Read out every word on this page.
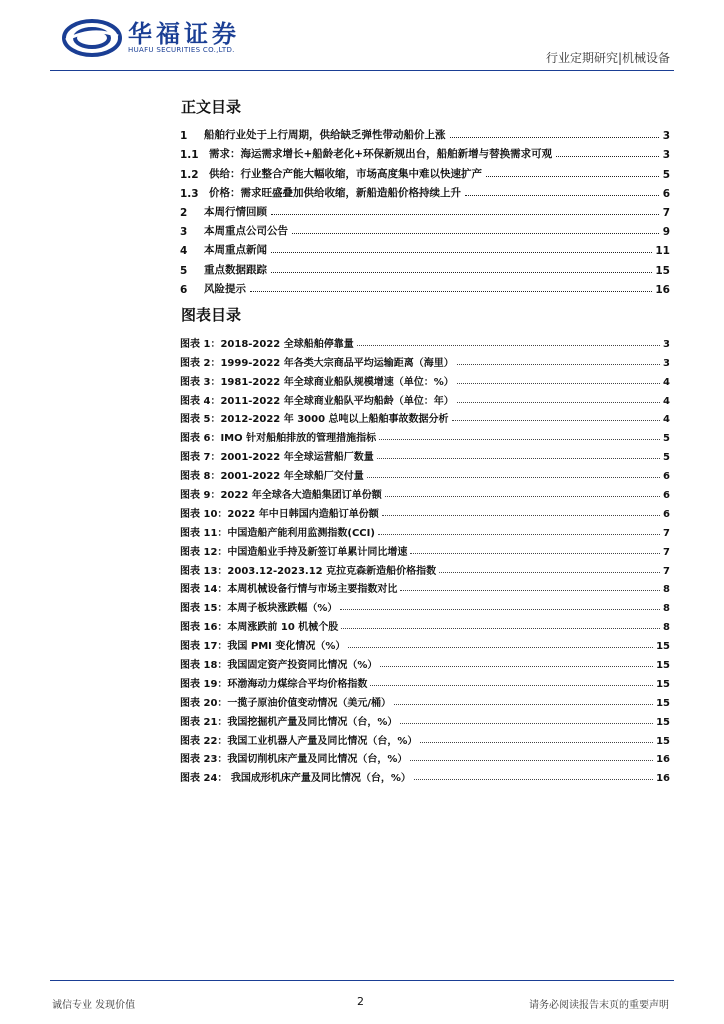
华福证券
HUAFU SECURITIES CO.,LTD.
行业定期研究|机械设备
正文目录
1	船舶行业处于上行周期，供给缺乏弹性带动船价上涨	3
1.1 需求：海运需求增长+船龄老化+环保新规出台，船舶新增与替换需求可观	3
1.2 供给：行业整合产能大幅收缩，市场高度集中难以快速扩产	5
1.3 价格：需求旺盛叠加供给收缩，新船造船价格持续上升	6
2	本周行情回顾	7
3	本周重点公司公告	9
4	本周重点新闻	11
5	重点数据跟踪	15
6	风险提示	16
图表目录
图表 1：2018-2022 全球船舶停靠量	3
图表 2：1999-2022 年各类大宗商品平均运输距离（海里）	3
图表 3：1981-2022 年全球商业船队规模增速（单位：%）	4
图表 4：2011-2022 年全球商业船队平均船龄（单位：年）	4
图表 5：2012-2022 年 3000 总吨以上船舶事故数据分析	4
图表 6：IMO 针对船舶排放的管理措施指标	5
图表 7：2001-2022 年全球运营船厂数量	5
图表 8：2001-2022 年全球船厂交付量	6
图表 9：2022 年全球各大造船集团订单份额	6
图表 10：2022 年中日韩国内造船订单份额	6
图表 11：中国造船产能利用监测指数(CCI)	7
图表 12：中国造船业手持及新签订单累计同比增速	7
图表 13：2003.12-2023.12 克拉克森新造船价格指数	7
图表 14：本周机械设备行情与市场主要指数对比	8
图表 15：本周子板块涨跌幅（%）	8
图表 16：本周涨跌前 10 机械个股	8
图表 17：我国 PMI 变化情况（%）	15
图表 18：我国固定资产投资同比情况（%）	15
图表 19：环渤海动力煤综合平均价格指数	15
图表 20：一揽子原油价值变动情况（美元/桶）	15
图表 21：我国挖掘机产量及同比情况（台，%）	15
图表 22：我国工业机器人产量及同比情况（台，%）	15
图表 23：我国切削机床产量及同比情况（台，%）	16
图表 24： 我国成形机床产量及同比情况（台，%）	16
诚信专业 发现价值	2	请务必阅读报告末页的重要声明
